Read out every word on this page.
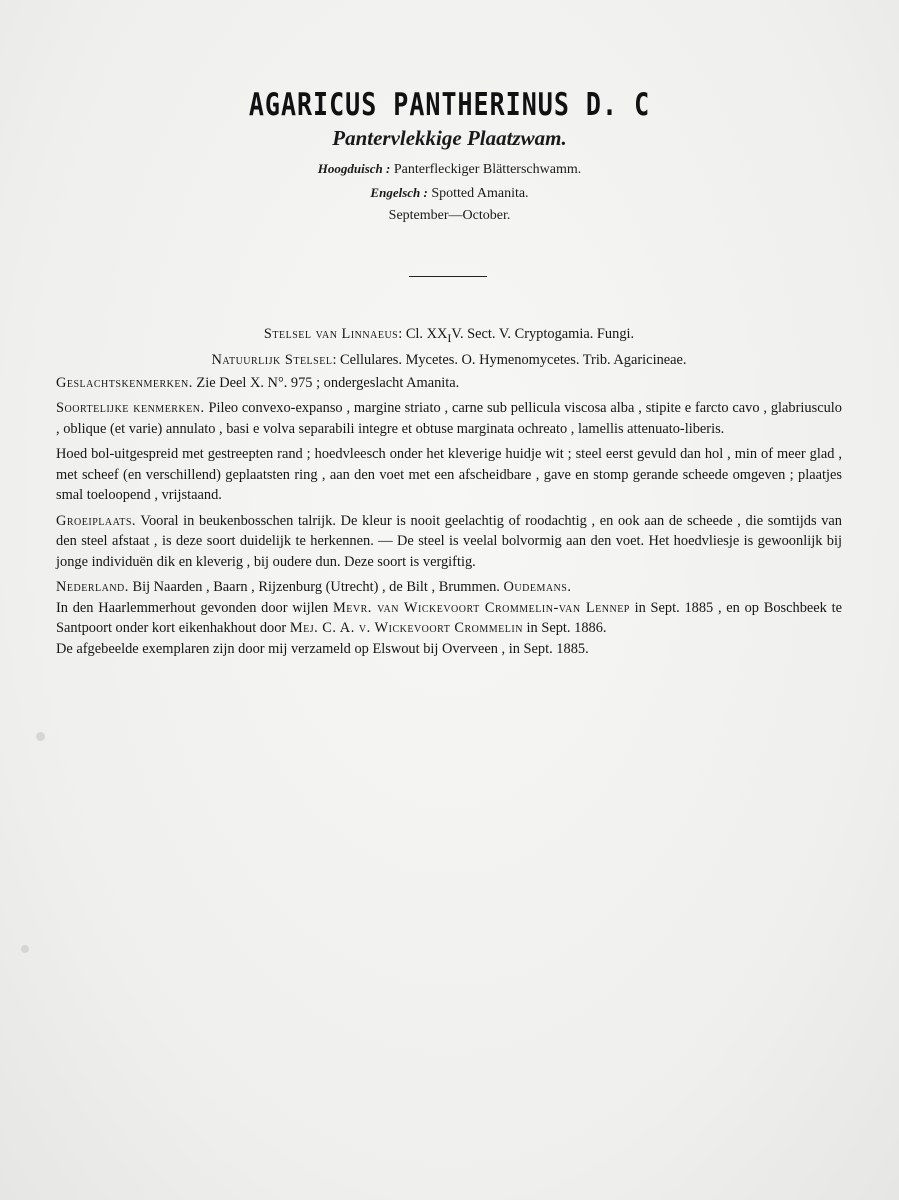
AGARICUS PANTHERINUS D. C
Pantervlekkige Plaatzwam.
Hoogduisch : Panterfleckiger Blätterschwamm.
Engelsch : Spotted Amanita.
September—October.
Stelsel van Linnaeus: Cl. $XX_IV$. Sect. V. Cryptogamia. Fungi.
Natuurlijk Stelsel: Cellulares. Mycetes. O. Hymenomycetes. Trib. Agaricineae.
Geslachtskenmerken. Zie Deel X. N°. 975 ; ondergeslacht Amanita.
Soortelijke kenmerken. Pileo convexo-expanso , margine striato , carne sub pellicula viscosa alba , stipite e farcto cavo , glabriusculo , oblique (et varie) annulato , basi e volva separabili integre et obtuse marginata ochreato , lamellis attenuato-liberis.
Hoed bol-uitgespreid met gestreepten rand ; hoedvleesch onder het kleverige huidje wit ; steel eerst gevuld dan hol , min of meer glad , met scheef (en verschillend) geplaatsten ring , aan den voet met een afscheidbare , gave en stomp gerande scheede omgeven ; plaatjes smal toeloopend , vrijstaand.
Groeiplaats. Vooral in beukenbosschen talrijk. De kleur is nooit geelachtig of roodachtig , en ook aan de scheede , die somtijds van den steel afstaat , is deze soort duidelijk te herkennen. — De steel is veelal bolvormig aan den voet. Het hoedvliesje is gewoonlijk bij jonge individuën dik en kleverig , bij oudere dun. Deze soort is vergiftig.
Nederland. Bij Naarden , Baarn , Rijzenburg (Utrecht) , de Bilt , Brummen. Oudemans.
In den Haarlemmerhout gevonden door wijlen Mevr. van Wickevoort Crommelin-van Lennep in Sept. 1885 , en op Boschbeek te Santpoort onder kort eikenhakhout door Mej. C. A. v. Wickevoort Crommelin in Sept. 1886.
De afgebeelde exemplaren zijn door mij verzameld op Elswout bij Overveen , in Sept. 1885.
